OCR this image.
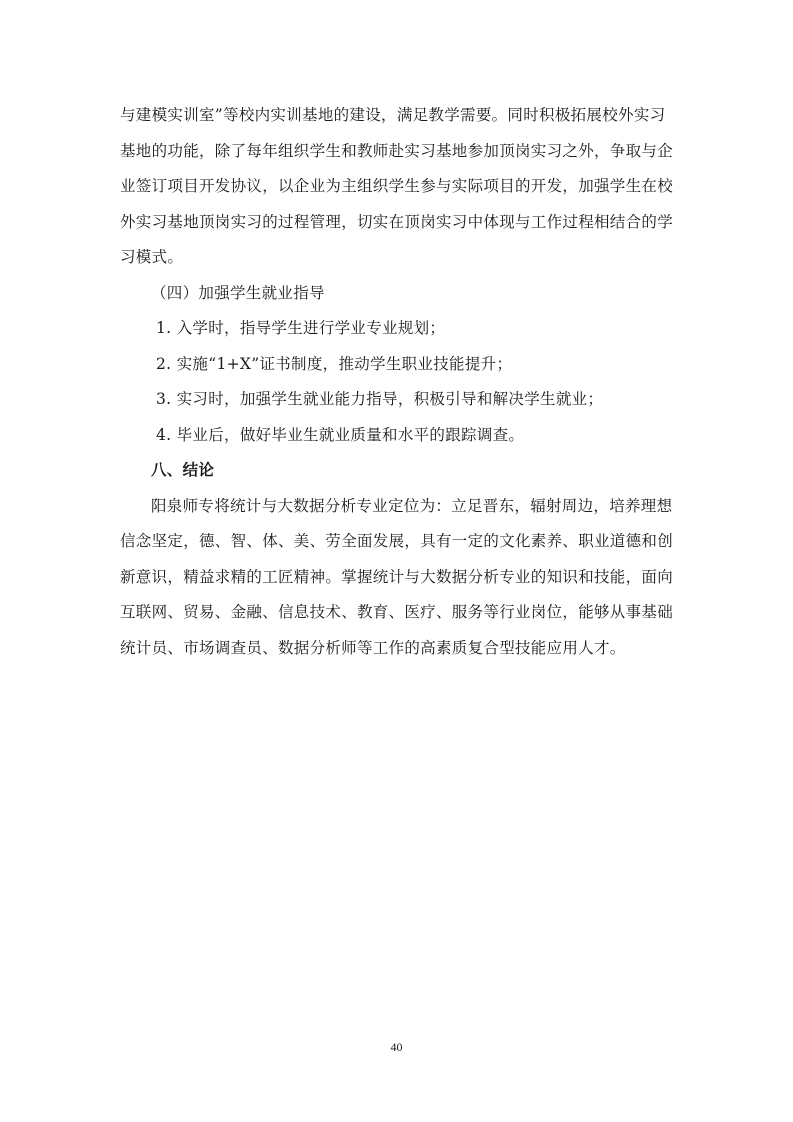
与建模实训室”等校内实训基地的建设，满足教学需要。同时积极拓展校外实习
基地的功能，除了每年组织学生和教师赴实习基地参加顶岗实习之外，争取与企
业签订项目开发协议，以企业为主组织学生参与实际项目的开发，加强学生在校
外实习基地顶岗实习的过程管理，切实在顶岗实习中体现与工作过程相结合的学
习模式。
（四）加强学生就业指导
1. 入学时，指导学生进行学业专业规划；
2. 实施“1+X”证书制度，推动学生职业技能提升；
3. 实习时，加强学生就业能力指导，积极引导和解决学生就业；
4. 毕业后，做好毕业生就业质量和水平的跟踪调查。
八、结论
阳泉师专将统计与大数据分析专业定位为：立足晋东，辐射周边，培养理想
信念坚定，德、智、体、美、劳全面发展，具有一定的文化素养、职业道德和创
新意识，精益求精的工匠精神。掌握统计与大数据分析专业的知识和技能，面向
互联网、贸易、金融、信息技术、教育、医疗、服务等行业岗位，能够从事基础
统计员、市场调查员、数据分析师等工作的高素质复合型技能应用人才。
40
